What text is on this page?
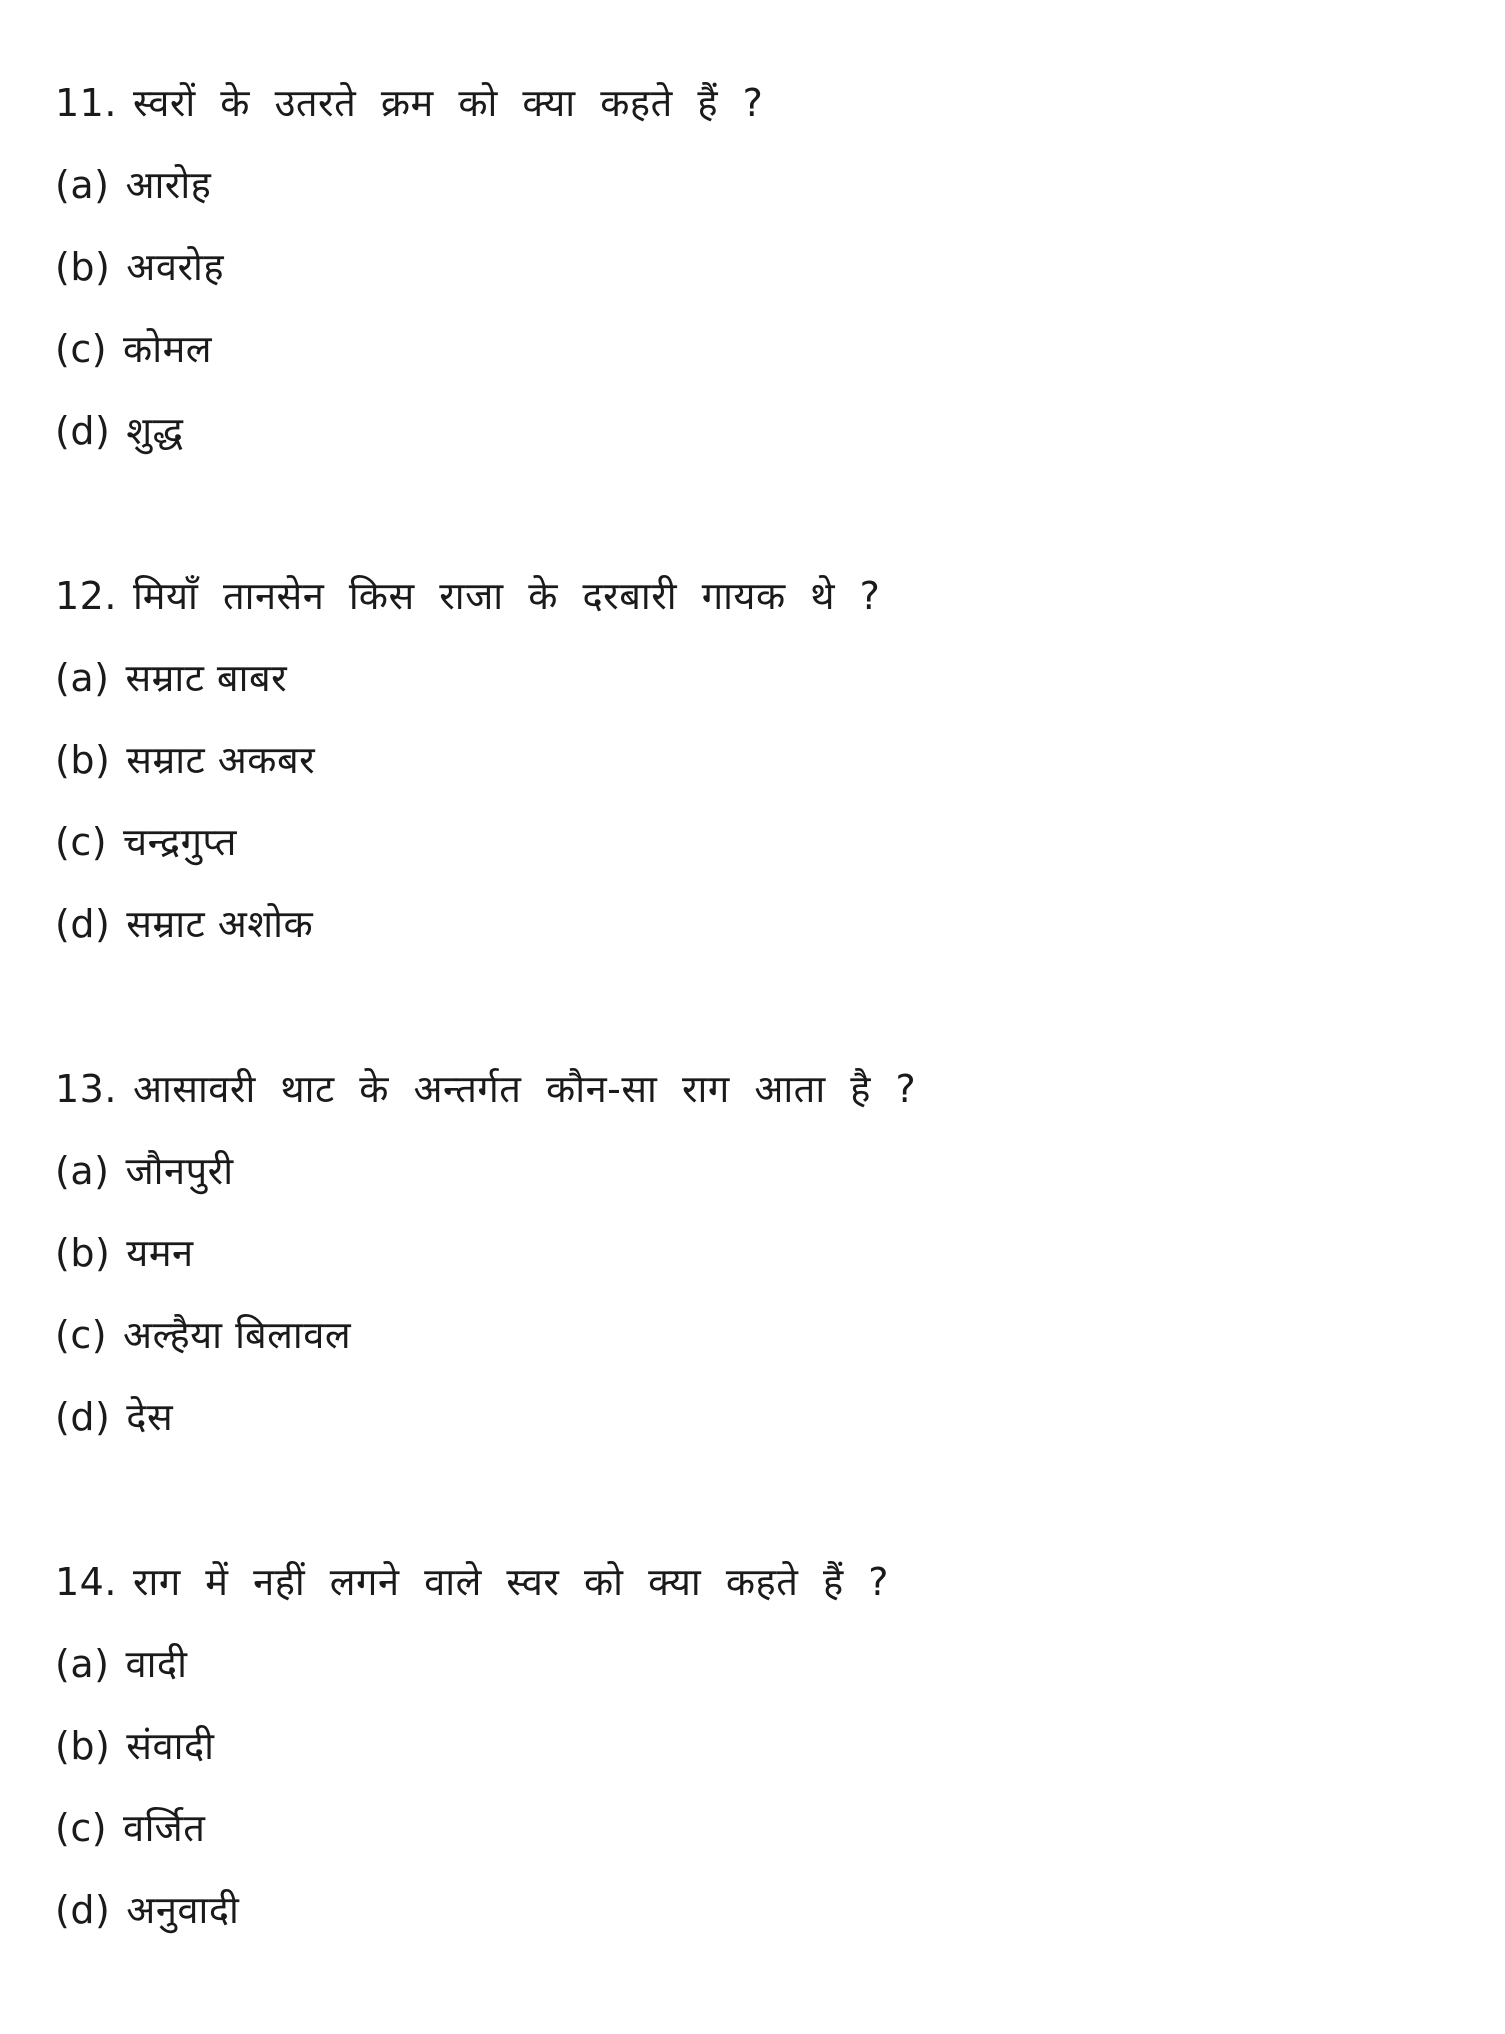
11. स्वरों के उतरते क्रम को क्या कहते हैं ?
(a) आरोह
(b) अवरोह
(c) कोमल
(d) शुद्ध
12. मियाँ तानसेन किस राजा के दरबारी गायक थे ?
(a) सम्राट बाबर
(b) सम्राट अकबर
(c) चन्द्रगुप्त
(d) सम्राट अशोक
13. आसावरी थाट के अन्तर्गत कौन-सा राग आता है ?
(a) जौनपुरी
(b) यमन
(c) अल्हैया बिलावल
(d) देस
14. राग में नहीं लगने वाले स्वर को क्या कहते हैं ?
(a) वादी
(b) संवादी
(c) वर्जित
(d) अनुवादी
